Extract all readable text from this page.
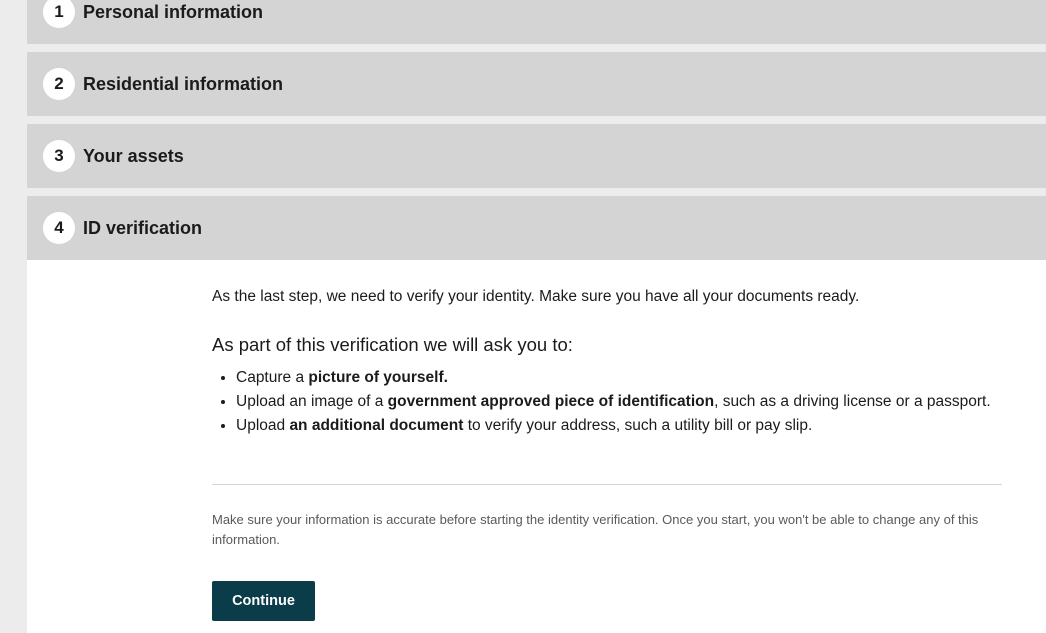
1	Personal information
2	Residential information
3	Your assets
4	ID verification

As the last step, we need to verify your identity. Make sure you have all your documents ready.

As part of this verification we will ask you to:
• Capture a picture of yourself.
• Upload an image of a government approved piece of identification, such as a driving license or a passport.
• Upload an additional document to verify your address, such a utility bill or pay slip.

Make sure your information is accurate before starting the identity verification. Once you start, you won't be able to change any of this information.

Continue
